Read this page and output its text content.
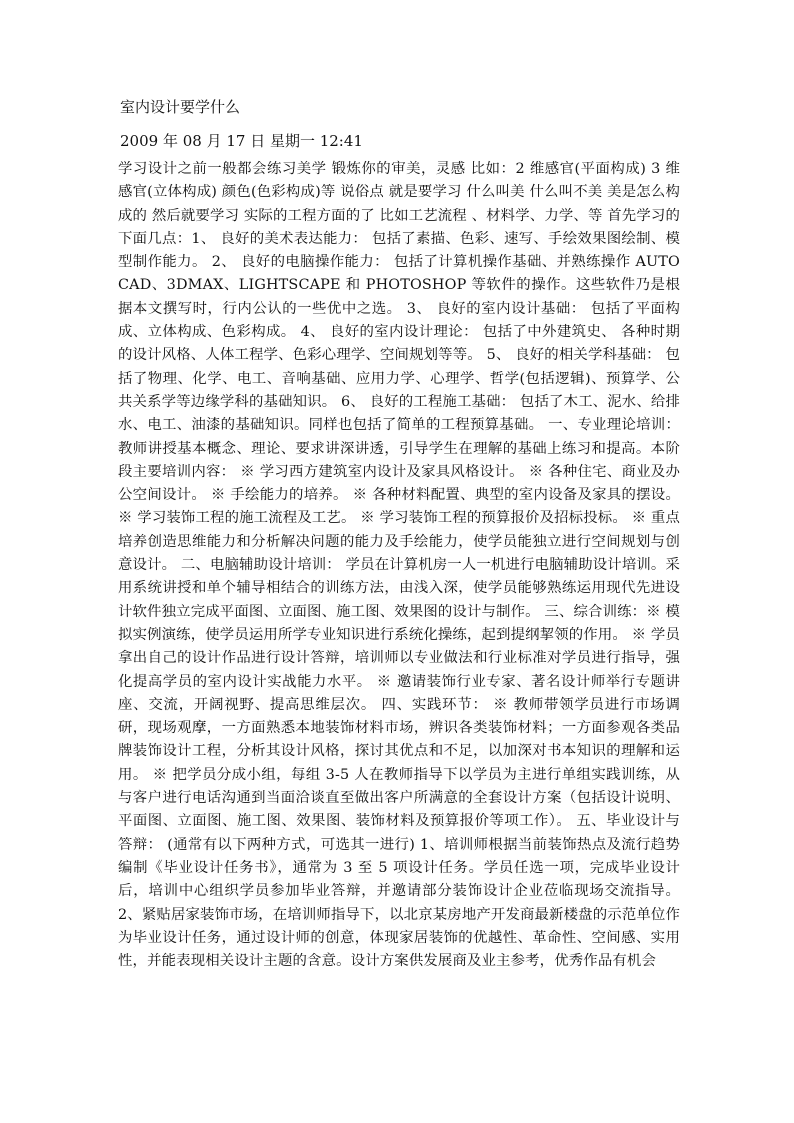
室内设计要学什么
2009 年 08 月 17 日 星期一 12:41

学习设计之前一般都会练习美学 锻炼你的审美，灵感 比如：2 维感官(平面构成) 3 维感官(立体构成) 颜色(色彩构成)等 说俗点 就是要学习 什么叫美 什么叫不美 美是怎么构成的 然后就要学习 实际的工程方面的了 比如工艺流程 、材料学、力学、等 首先学习的下面几点：1、 良好的美术表达能力： 包括了素描、色彩、速写、手绘效果图绘制、模型制作能力。 2、 良好的电脑操作能力： 包括了计算机操作基础、并熟练操作 AUTOCAD、3DMAX、LIGHTSCAPE 和 PHOTOSHOP 等软件的操作。这些软件乃是根据本文撰写时，行内公认的一些优中之选。 3、 良好的室内设计基础： 包括了平面构成、立体构成、色彩构成。 4、 良好的室内设计理论： 包括了中外建筑史、 各种时期的设计风格、人体工程学、色彩心理学、空间规划等等。 5、 良好的相关学科基础： 包括了物理、化学、电工、音响基础、应用力学、心理学、哲学(包括逻辑)、预算学、公共关系学等边缘学科的基础知识。 6、 良好的工程施工基础： 包括了木工、泥水、给排水、电工、油漆的基础知识。同样也包括了简单的工程预算基础。 一、专业理论培训： 教师讲授基本概念、理论、要求讲深讲透，引导学生在理解的基础上练习和提高。本阶段主要培训内容： ※ 学习西方建筑室内设计及家具风格设计。 ※ 各种住宅、商业及办公空间设计。 ※ 手绘能力的培养。 ※ 各种材料配置、典型的室内设备及家具的摆设。 ※ 学习装饰工程的施工流程及工艺。 ※ 学习装饰工程的预算报价及招标投标。 ※ 重点培养创造思维能力和分析解决问题的能力及手绘能力，使学员能独立进行空间规划与创意设计。 二、电脑辅助设计培训： 学员在计算机房一人一机进行电脑辅助设计培训。采用系统讲授和单个辅导相结合的训练方法，由浅入深，使学员能够熟练运用现代先进设计软件独立完成平面图、立面图、施工图、效果图的设计与制作。 三、综合训练：※ 模拟实例演练，使学员运用所学专业知识进行系统化操练，起到提纲挈领的作用。 ※ 学员拿出自己的设计作品进行设计答辩，培训师以专业做法和行业标准对学员进行指导，强化提高学员的室内设计实战能力水平。 ※ 邀请装饰行业专家、著名设计师举行专题讲座、交流，开阔视野、提高思维层次。 四、实践环节： ※ 教师带领学员进行市场调研，现场观摩，一方面熟悉本地装饰材料市场，辨识各类装饰材料；一方面参观各类品牌装饰设计工程，分析其设计风格，探讨其优点和不足，以加深对书本知识的理解和运用。 ※ 把学员分成小组，每组 3-5 人在教师指导下以学员为主进行单组实践训练，从与客户进行电话沟通到当面洽谈直至做出客户所满意的全套设计方案（包括设计说明、平面图、立面图、施工图、效果图、装饰材料及预算报价等项工作）。 五、毕业设计与答辩： (通常有以下两种方式，可选其一进行) 1、培训师根据当前装饰热点及流行趋势编制《毕业设计任务书》，通常为 3 至 5 项设计任务。学员任选一项，完成毕业设计后，培训中心组织学员参加毕业答辩，并邀请部分装饰设计企业莅临现场交流指导。 2、紧贴居家装饰市场，在培训师指导下，以北京某房地产开发商最新楼盘的示范单位作为毕业设计任务，通过设计师的创意，体现家居装饰的优越性、革命性、空间感、实用性，并能表现相关设计主题的含意。设计方案供发展商及业主参考，优秀作品有机会
